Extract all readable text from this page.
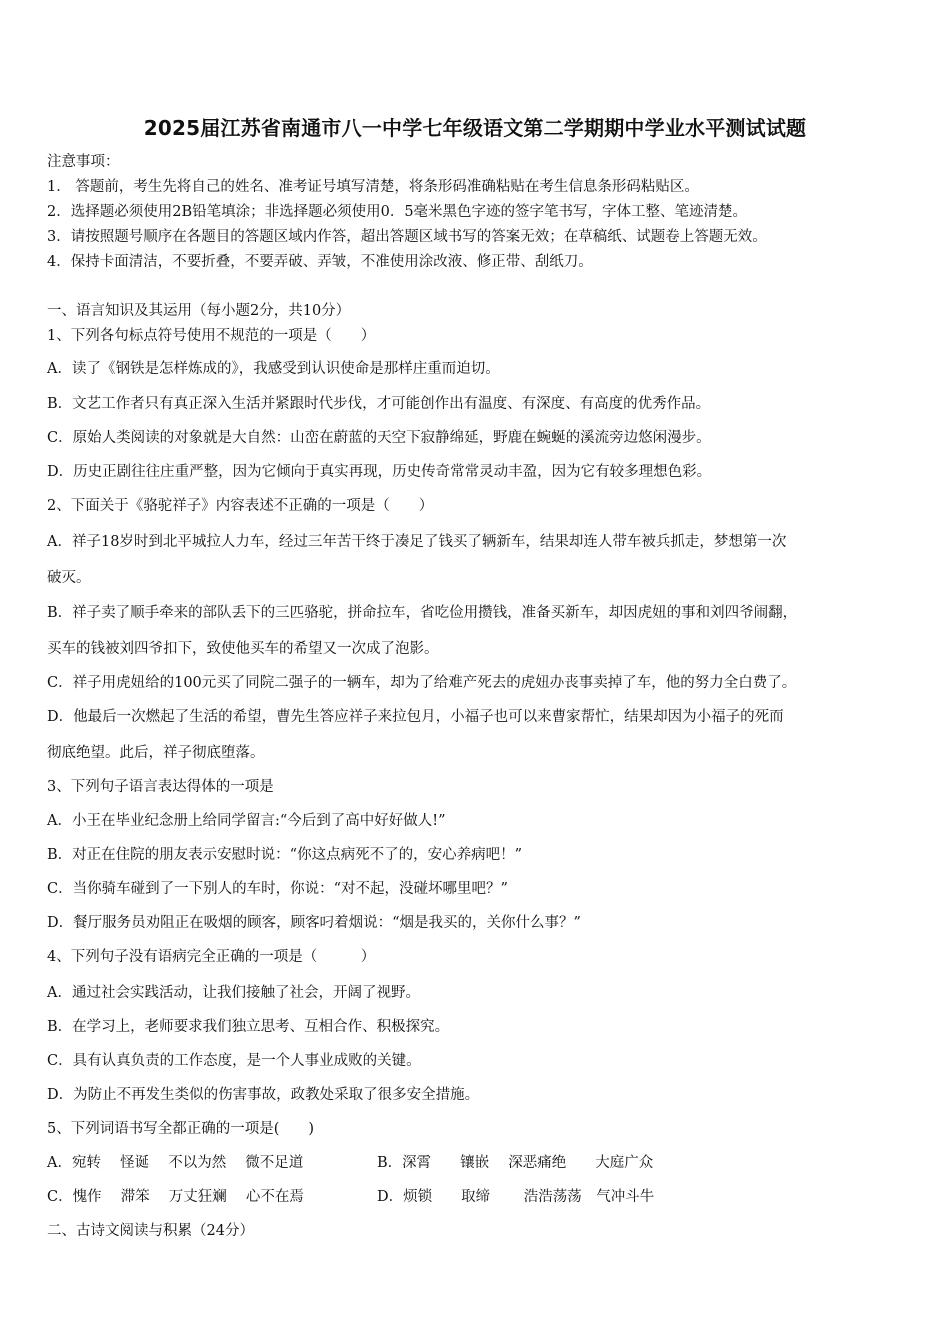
2025届江苏省南通市八一中学七年级语文第二学期期中学业水平测试试题
注意事项：
1． 答题前，考生先将自己的姓名、准考证号填写清楚，将条形码准确粘贴在考生信息条形码粘贴区。
2．选择题必须使用2B铅笔填涂；非选择题必须使用0．5毫米黑色字迹的签字笔书写，字体工整、笔迹清楚。
3．请按照题号顺序在各题目的答题区域内作答，超出答题区域书写的答案无效；在草稿纸、试题卷上答题无效。
4．保持卡面清洁，不要折叠，不要弄破、弄皱，不准使用涂改液、修正带、刮纸刀。
一、语言知识及其运用（每小题2分，共10分）
1、下列各句标点符号使用不规范的一项是（　　）
A．读了《钢铁是怎样炼成的》，我感受到认识使命是那样庄重而迫切。
B．文艺工作者只有真正深入生活并紧跟时代步伐，才可能创作出有温度、有深度、有高度的优秀作品。
C．原始人类阅读的对象就是大自然：山峦在蔚蓝的天空下寂静绵延，野鹿在蜿蜒的溪流旁边悠闲漫步。
D．历史正剧往往庄重严整，因为它倾向于真实再现，历史传奇常常灵动丰盈，因为它有较多理想色彩。
2、下面关于《骆驼祥子》内容表述不正确的一项是（　　）
A．祥子18岁时到北平城拉人力车，经过三年苦干终于凑足了钱买了辆新车，结果却连人带车被兵抓走，梦想第一次
破灭。
B．祥子卖了顺手牵来的部队丢下的三匹骆驼，拼命拉车，省吃俭用攒钱，准备买新车，却因虎妞的事和刘四爷闹翻，
买车的钱被刘四爷扣下，致使他买车的希望又一次成了泡影。
C．祥子用虎妞给的100元买了同院二强子的一辆车，却为了给难产死去的虎妞办丧事卖掉了车，他的努力全白费了。
D．他最后一次燃起了生活的希望，曹先生答应祥子来拉包月，小福子也可以来曹家帮忙，结果却因为小福子的死而
彻底绝望。此后，祥子彻底堕落。
3、下列句子语言表达得体的一项是
A．小王在毕业纪念册上给同学留言:“今后到了高中好好做人!”
B．对正在住院的朋友表示安慰时说：“你这点病死不了的，安心养病吧！”
C．当你骑车碰到了一下别人的车时，你说：“对不起，没碰坏哪里吧？”
D．餐厅服务员劝阻正在吸烟的顾客，顾客叼着烟说：“烟是我买的，关你什么事？”
4、下列句子没有语病完全正确的一项是（　　　）
A．通过社会实践活动，让我们接触了社会，开阔了视野。
B．在学习上，老师要求我们独立思考、互相合作、积极探究。
C．具有认真负责的工作态度，是一个人事业成败的关键。
D．为防止不再发生类似的伤害事故，政教处采取了很多安全措施。
5、下列词语书写全都正确的一项是(　　)
A．宛转　 怪诞　 不以为然　 微不足道	B．深霄　　镶嵌　 深恶痛绝　　大庭广众
C．愧作　 滞笨　 万丈狂斓　 心不在焉	D．烦锁　　取缔　　 浩浩荡荡　气冲斗牛
二、古诗文阅读与积累（24分）
